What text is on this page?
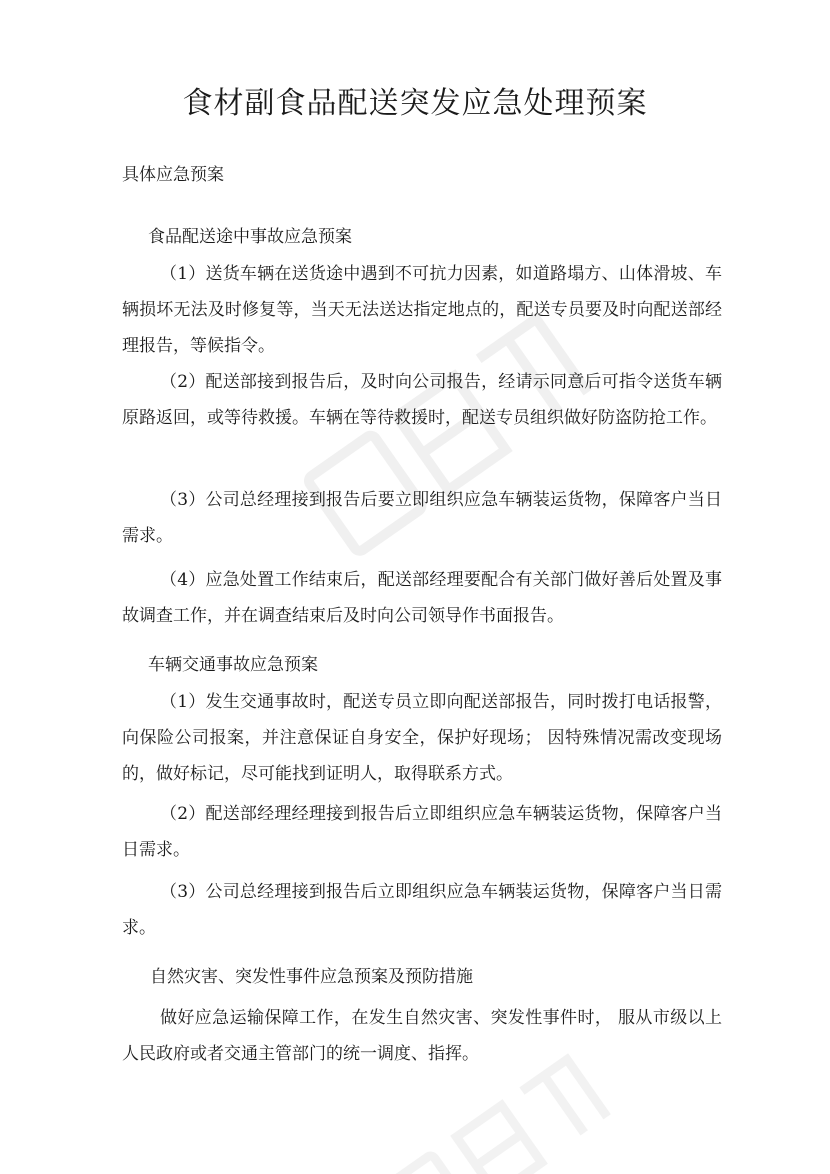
食材副食品配送突发应急处理预案

具体应急预案

食品配送途中事故应急预案

（1）送货车辆在送货途中遇到不可抗力因素，如道路塌方、山体滑坡、车辆损坏无法及时修复等，当天无法送达指定地点的，配送专员要及时向配送部经理报告，等候指令。

（2）配送部接到报告后，及时向公司报告，经请示同意后可指令送货车辆原路返回，或等待救援。车辆在等待救援时，配送专员组织做好防盗防抢工作。

（3）公司总经理接到报告后要立即组织应急车辆装运货物，保障客户当日需求。

（4）应急处置工作结束后，配送部经理要配合有关部门做好善后处置及事故调查工作，并在调查结束后及时向公司领导作书面报告。

车辆交通事故应急预案

（1）发生交通事故时，配送专员立即向配送部报告，同时拨打电话报警，向保险公司报案，并注意保证自身安全，保护好现场； 因特殊情况需改变现场的，做好标记，尽可能找到证明人，取得联系方式。

（2）配送部经理经理接到报告后立即组织应急车辆装运货物，保障客户当日需求。

（3）公司总经理接到报告后立即组织应急车辆装运货物，保障客户当日需求。

自然灾害、突发性事件应急预案及预防措施

做好应急运输保障工作，在发生自然灾害、突发性事件时， 服从市级以上人民政府或者交通主管部门的统一调度、指挥。
